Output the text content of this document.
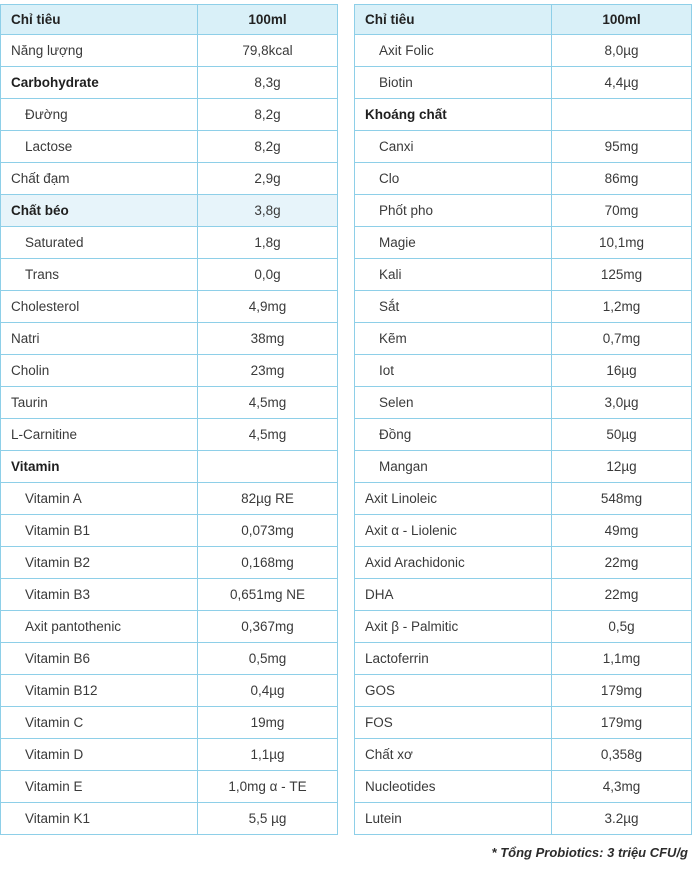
Chỉ tiêu	100ml
Năng lượng	79,8kcal
Carbohydrate	8,3g
Đường	8,2g
Lactose	8,2g
Chất đạm	2,9g
Chất béo	3,8g
Saturated	1,8g
Trans	0,0g
Cholesterol	4,9mg
Natri	38mg
Cholin	23mg
Taurin	4,5mg
L-Carnitine	4,5mg
Vitamin	
Vitamin A	82µg RE
Vitamin B1	0,073mg
Vitamin B2	0,168mg
Vitamin B3	0,651mg NE
Axit pantothenic	0,367mg
Vitamin B6	0,5mg
Vitamin B12	0,4µg
Vitamin C	19mg
Vitamin D	1,1µg
Vitamin E	1,0mg α - TE
Vitamin K1	5,5 µg
Chỉ tiêu	100ml
Axit Folic	8,0µg
Biotin	4,4µg
Khoáng chất	
Canxi	95mg
Clo	86mg
Phốt pho	70mg
Magie	10,1mg
Kali	125mg
Sắt	1,2mg
Kẽm	0,7mg
Iot	16µg
Selen	3,0µg
Đồng	50µg
Mangan	12µg
Axit Linoleic	548mg
Axit α - Liolenic	49mg
Axid Arachidonic	22mg
DHA	22mg
Axit β - Palmitic	0,5g
Lactoferrin	1,1mg
GOS	179mg
FOS	179mg
Chất xơ	0,358g
Nucleotides	4,3mg
Lutein	3.2µg
* Tổng Probiotics: 3 triệu CFU/g
